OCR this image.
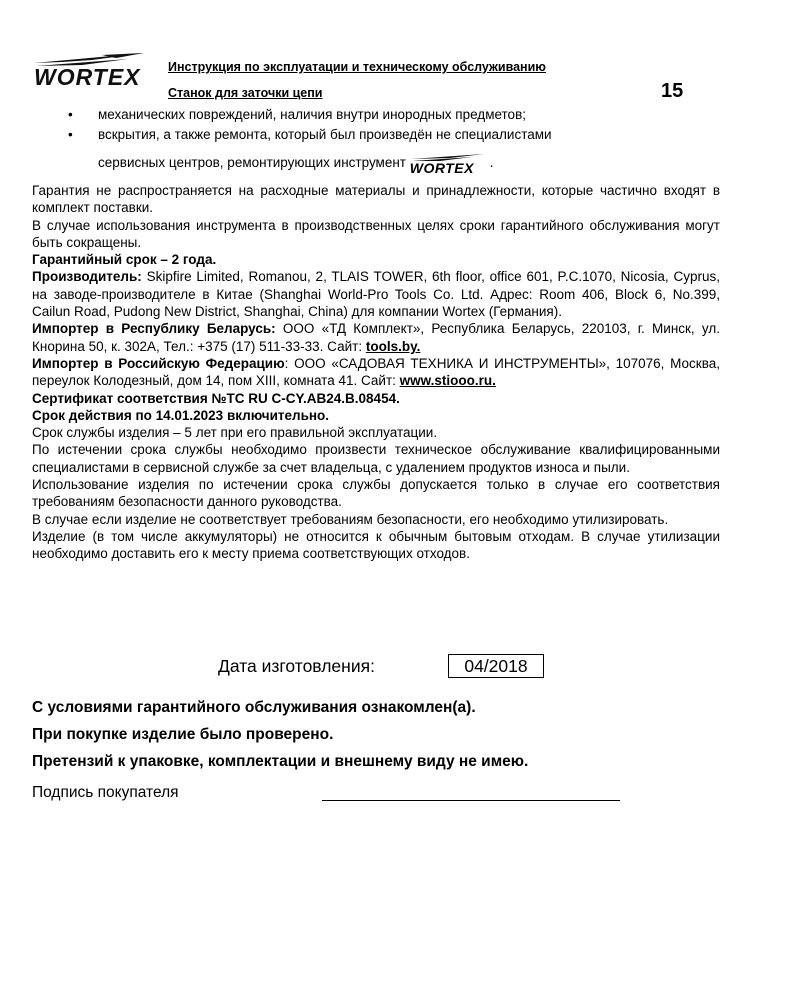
WORTEX Инструкция по эксплуатации и техническому обслуживанию
Станок для заточки цепи	15
• механических повреждений, наличия внутри инородных предметов;
• вскрытия, а также ремонта, который был произведён не специалистами
сервисных центров, ремонтирующих инструмент WORTEX .

Гарантия не распространяется на расходные материалы и принадлежности, которые частично входят в комплект поставки.

В случае использования инструмента в производственных целях сроки гарантийного обслуживания могут быть сокращены.

Гарантийный срок – 2 года.

Производитель: Skipfire Limited, Romanou, 2, TLAIS TOWER, 6th floor, office 601, P.C.1070, Nicosia, Cyprus, на заводе-производителе в Китае (Shanghai World-Pro Tools Co. Ltd. Адрес: Room 406, Block 6, No.399, Cailun Road, Pudong New District, Shanghai, China) для компании Wortex (Германия).

Импортер в Республику Беларусь: ООО «ТД Комплект», Республика Беларусь, 220103, г. Минск, ул. Кнорина 50, к. 302А, Тел.: +375 (17) 511-33-33. Сайт: tools.by.

Импортер в Российскую Федерацию: ООО «САДОВАЯ ТЕХНИКА И ИНСТРУМЕНТЫ», 107076, Москва, переулок Колодезный, дом 14, пом XIII, комната 41. Сайт: www.stiooo.ru.

Сертификат соответствия №ТС RU C-CY.AB24.B.08454.

Срок действия по 14.01.2023 включительно.

Срок службы изделия – 5 лет при его правильной эксплуатации.

По истечении срока службы необходимо произвести техническое обслуживание квалифицированными специалистами в сервисной службе за счет владельца, с удалением продуктов износа и пыли.

Использование изделия по истечении срока службы допускается только в случае его соответствия требованиям безопасности данного руководства.

В случае если изделие не соответствует требованиям безопасности, его необходимо утилизировать.

Изделие (в том числе аккумуляторы) не относится к обычным бытовым отходам. В случае утилизации необходимо доставить его к месту приема соответствующих отходов.

Дата изготовления:	04/2018
С условиями гарантийного обслуживания ознакомлен(а).
При покупке изделие было проверено.
Претензий к упаковке, комплектации и внешнему виду не имею.
Подпись покупателя
